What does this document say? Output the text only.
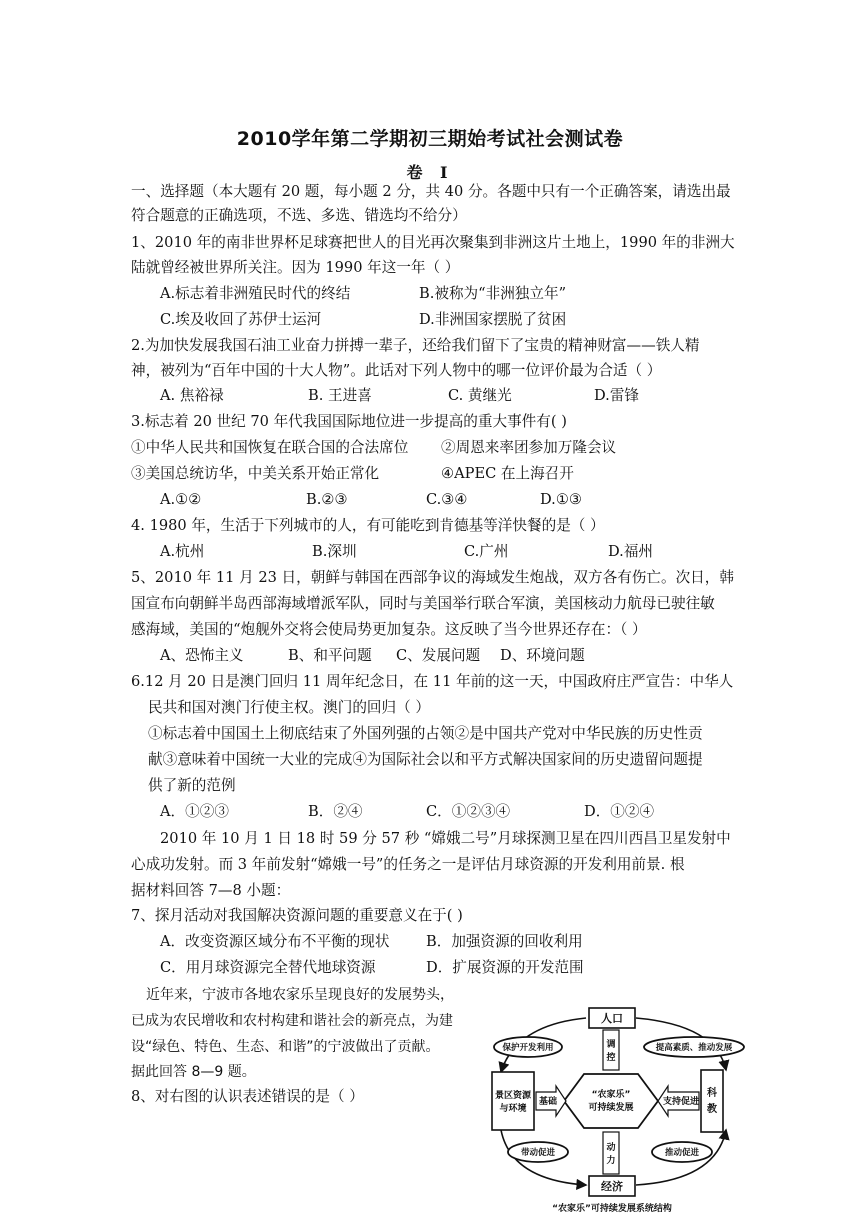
2010学年第二学期初三期始考试社会测试卷
卷 Ⅰ
一、选择题（本大题有 20 题，每小题 2 分，共 40 分。各题中只有一个正确答案，请选出最
符合题意的正确选项，不选、多选、错选均不给分）
1、2010 年的南非世界杯足球赛把世人的目光再次聚集到非洲这片土地上，1990 年的非洲大
陆就曾经被世界所关注。因为 1990 年这一年（ ）
A.标志着非洲殖民时代的终结	B.被称为“非洲独立年”
C.埃及收回了苏伊士运河	D.非洲国家摆脱了贫困
2.为加快发展我国石油工业奋力拼搏一辈子，还给我们留下了宝贵的精神财富——铁人精
神，被列为“百年中国的十大人物”。此话对下列人物中的哪一位评价最为合适（ ）
A. 焦裕禄	B. 王进喜	C. 黄继光	D.雷锋
3.标志着 20 世纪 70 年代我国国际地位进一步提高的重大事件有( )
①中华人民共和国恢复在联合国的合法席位 ②周恩来率团参加万隆会议
③美国总统访华，中美关系开始正常化	④APEC 在上海召开
A.①②	B.②③	C.③④	D.①③
4. 1980 年，生活于下列城市的人，有可能吃到肯德基等洋快餐的是（ ）
A.杭州	B.深圳	C.广州	D.福州
5、2010 年 11 月 23 日，朝鲜与韩国在西部争议的海域发生炮战，双方各有伤亡。次日，韩
国宣布向朝鲜半岛西部海域增派军队，同时与美国举行联合军演，美国核动力航母已驶往敏
感海域，美国的“炮舰外交将会使局势更加复杂。这反映了当今世界还存在：（ ）
A、恐怖主义	B、和平问题 C、发展问题 D、环境问题
6.12 月 20 日是澳门回归 11 周年纪念日，在 11 年前的这一天，中国政府庄严宣告：中华人
民共和国对澳门行使主权。澳门的回归（ ）
①标志着中国国土上彻底结束了外国列强的占领②是中国共产党对中华民族的历史性贡
献③意味着中国统一大业的完成④为国际社会以和平方式解决国家间的历史遗留问题提
供了新的范例
A．①②③	B．②④	C．①②③④	D．①②④
2010 年 10 月 1 日 18 时 59 分 57 秒 “嫦娥二号”月球探测卫星在四川西昌卫星发射中
心成功发射。而 3 年前发射“嫦娥一号”的任务之一是评估月球资源的开发利用前景. 根
据材料回答 7—8 小题：
7、探月活动对我国解决资源问题的重要意义在于( )
A．改变资源区域分布不平衡的现状	B．加强资源的回收利用
C．用月球资源完全替代地球资源	D．扩展资源的开发范围
近年来，宁波市各地农家乐呈现良好的发展势头，
已成为农民增收和农村构建和谐社会的新亮点，为建
设“绿色、特色、生态、和谐”的宁波做出了贡献。
据此回答 8—9 题。
8、对右图的认识表述错误的是（ ）
人口
景区资源
与环境
科
教
经济
“农家乐”
可持续发展
调
控
基础	支持促进
动
力
保护开发利用	提高素质、推动发展
带动促进	推动促进
“农家乐”可持续发展系统结构
